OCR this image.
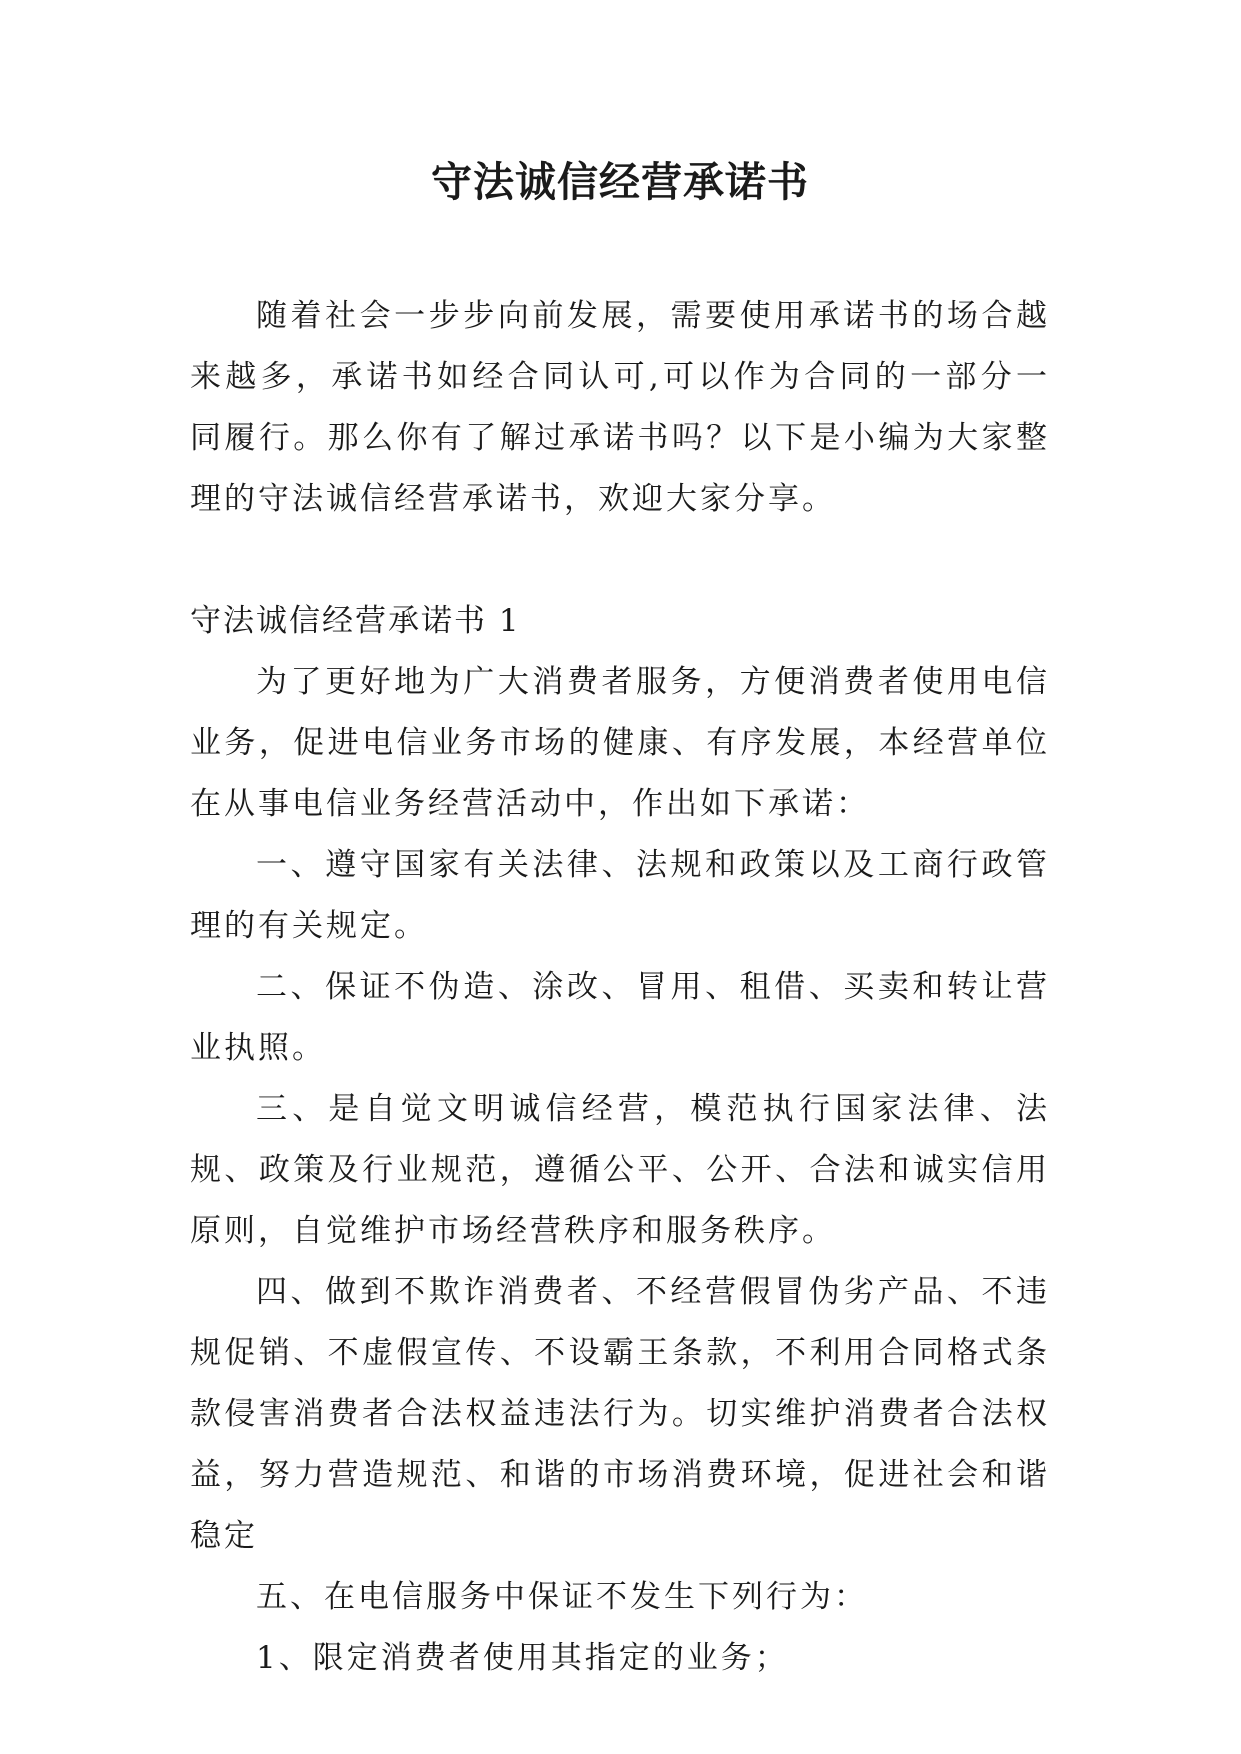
守法诚信经营承诺书

随着社会一步步向前发展，需要使用承诺书的场合越来越多，承诺书如经合同认可,可以作为合同的一部分一同履行。那么你有了解过承诺书吗？以下是小编为大家整理的守法诚信经营承诺书，欢迎大家分享。

守法诚信经营承诺书 1

为了更好地为广大消费者服务，方便消费者使用电信业务，促进电信业务市场的健康、有序发展，本经营单位在从事电信业务经营活动中，作出如下承诺：

一、遵守国家有关法律、法规和政策以及工商行政管理的有关规定。

二、保证不伪造、涂改、冒用、租借、买卖和转让营业执照。

三、是自觉文明诚信经营，模范执行国家法律、法规、政策及行业规范，遵循公平、公开、合法和诚实信用原则，自觉维护市场经营秩序和服务秩序。

四、做到不欺诈消费者、不经营假冒伪劣产品、不违规促销、不虚假宣传、不设霸王条款，不利用合同格式条款侵害消费者合法权益违法行为。切实维护消费者合法权益，努力营造规范、和谐的市场消费环境，促进社会和谐稳定

五、在电信服务中保证不发生下列行为：

1、限定消费者使用其指定的业务；
